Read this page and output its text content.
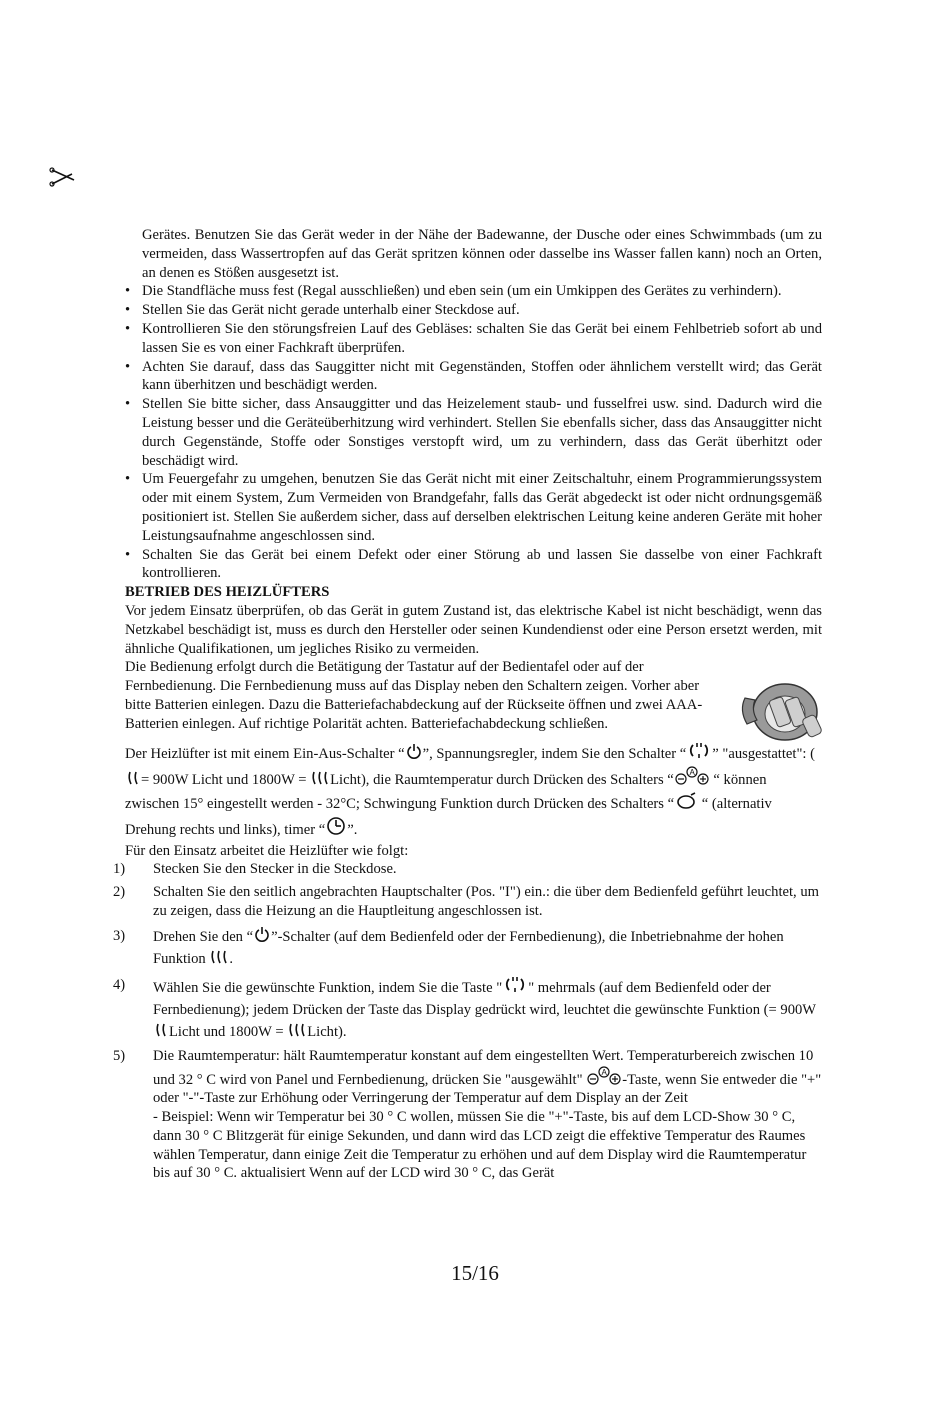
Gerätes. Benutzen Sie das Gerät weder in der Nähe der Badewanne, der Dusche oder eines Schwimmbads (um zu vermeiden, dass Wassertropfen auf das Gerät spritzen können oder dasselbe ins Wasser fallen kann) noch an Orten, an denen es Stößen ausgesetzt ist.

• Die Standfläche muss fest (Regal ausschließen) und eben sein (um ein Umkippen des Gerätes zu verhindern).
• Stellen Sie das Gerät nicht gerade unterhalb einer Steckdose auf.
• Kontrollieren Sie den störungsfreien Lauf des Gebläses: schalten Sie das Gerät bei einem Fehlbetrieb sofort ab und lassen Sie es von einer Fachkraft überprüfen.
• Achten Sie darauf, dass das Sauggitter nicht mit Gegenständen, Stoffen oder ähnlichem verstellt wird; das Gerät kann überhitzen und beschädigt werden.
• Stellen Sie bitte sicher, dass Ansauggitter und das Heizelement staub- und fusselfrei usw. sind. Dadurch wird die Leistung besser und die Geräteüberhitzung wird verhindert. Stellen Sie ebenfalls sicher, dass das Ansauggitter nicht durch Gegenstände, Stoffe oder Sonstiges verstopft wird, um zu verhindern, dass das Gerät überhitzt oder beschädigt wird.
• Um Feuergefahr zu umgehen, benutzen Sie das Gerät nicht mit einer Zeitschaltuhr, einem Programmierungssystem oder mit einem System, Zum Vermeiden von Brandgefahr, falls das Gerät abgedeckt ist oder nicht ordnungsgemäß positioniert ist. Stellen Sie außerdem sicher, dass auf derselben elektrischen Leitung keine anderen Geräte mit hoher Leistungsaufnahme angeschlossen sind.
• Schalten Sie das Gerät bei einem Defekt oder einer Störung ab und lassen Sie dasselbe von einer Fachkraft kontrollieren.
BETRIEB DES HEIZLÜFTERS

Vor jedem Einsatz überprüfen, ob das Gerät in gutem Zustand ist, das elektrische Kabel ist nicht beschädigt, wenn das Netzkabel beschädigt ist, muss es durch den Hersteller oder seinen Kundendienst oder eine Person ersetzt werden, mit ähnliche Qualifikationen, um jegliches Risiko zu vermeiden.

Die Bedienung erfolgt durch die Betätigung der Tastatur auf der Bedientafel oder auf der Fernbedienung. Die Fernbedienung muss auf das Display neben den Schaltern zeigen. Vorher aber bitte Batterien einlegen. Dazu die Batteriefachabdeckung auf der Rückseite öffnen und zwei AAA-Batterien einlegen. Auf richtige Polarität achten. Batteriefachabdeckung schließen.

Der Heizlüfter ist mit einem Ein-Aus-Schalter “ ”, Spannungsregler, indem Sie den Schalter “ ” "ausgestattet": (= 900W Licht und 1800W = Licht), die Raumtemperatur durch Drücken des Schalters “ A “ können zwischen 15° eingestellt werden - 32°C; Schwingung Funktion durch Drücken des Schalters “ “ (alternativ Drehung rechts und links), timer “ ”.

Für den Einsatz arbeitet die Heizlüfter wie folgt:

1) Stecken Sie den Stecker in die Steckdose.
2) Schalten Sie den seitlich angebrachten Hauptschalter (Pos. "I") ein.: die über dem Bedienfeld geführt leuchtet, um zu zeigen, dass die Heizung an die Hauptleitung angeschlossen ist.
3) Drehen Sie den “ ”-Schalter (auf dem Bedienfeld oder der Fernbedienung), die Inbetriebnahme der hohen Funktion .
4) Wählen Sie die gewünschte Funktion, indem Sie die Taste " " mehrmals (auf dem Bedienfeld oder der Fernbedienung); jedem Drücken der Taste das Display gedrückt wird, leuchtet die gewünschte Funktion (= 900W Licht und 1800W = Licht).
5) Die Raumtemperatur: hält Raumtemperatur konstant auf dem eingestellten Wert. Temperaturbereich zwischen 10 und 32 ° C wird von Panel und Fernbedienung, drücken Sie "ausgewählt" A -Taste, wenn Sie entweder die "+" oder "-"-Taste zur Erhöhung oder Verringerung der Temperatur auf dem Display an der Zeit
- Beispiel: Wenn wir Temperatur bei 30 ° C wollen, müssen Sie die "+"-Taste, bis auf dem LCD-Show 30 ° C, dann 30 ° C Blitzgerät für einige Sekunden, und dann wird das LCD zeigt die effektive Temperatur des Raumes wählen Temperatur, dann einige Zeit die Temperatur zu erhöhen und auf dem Display wird die Raumtemperatur bis auf 30 ° C. aktualisiert Wenn auf der LCD wird 30 ° C, das Gerät
15/16
